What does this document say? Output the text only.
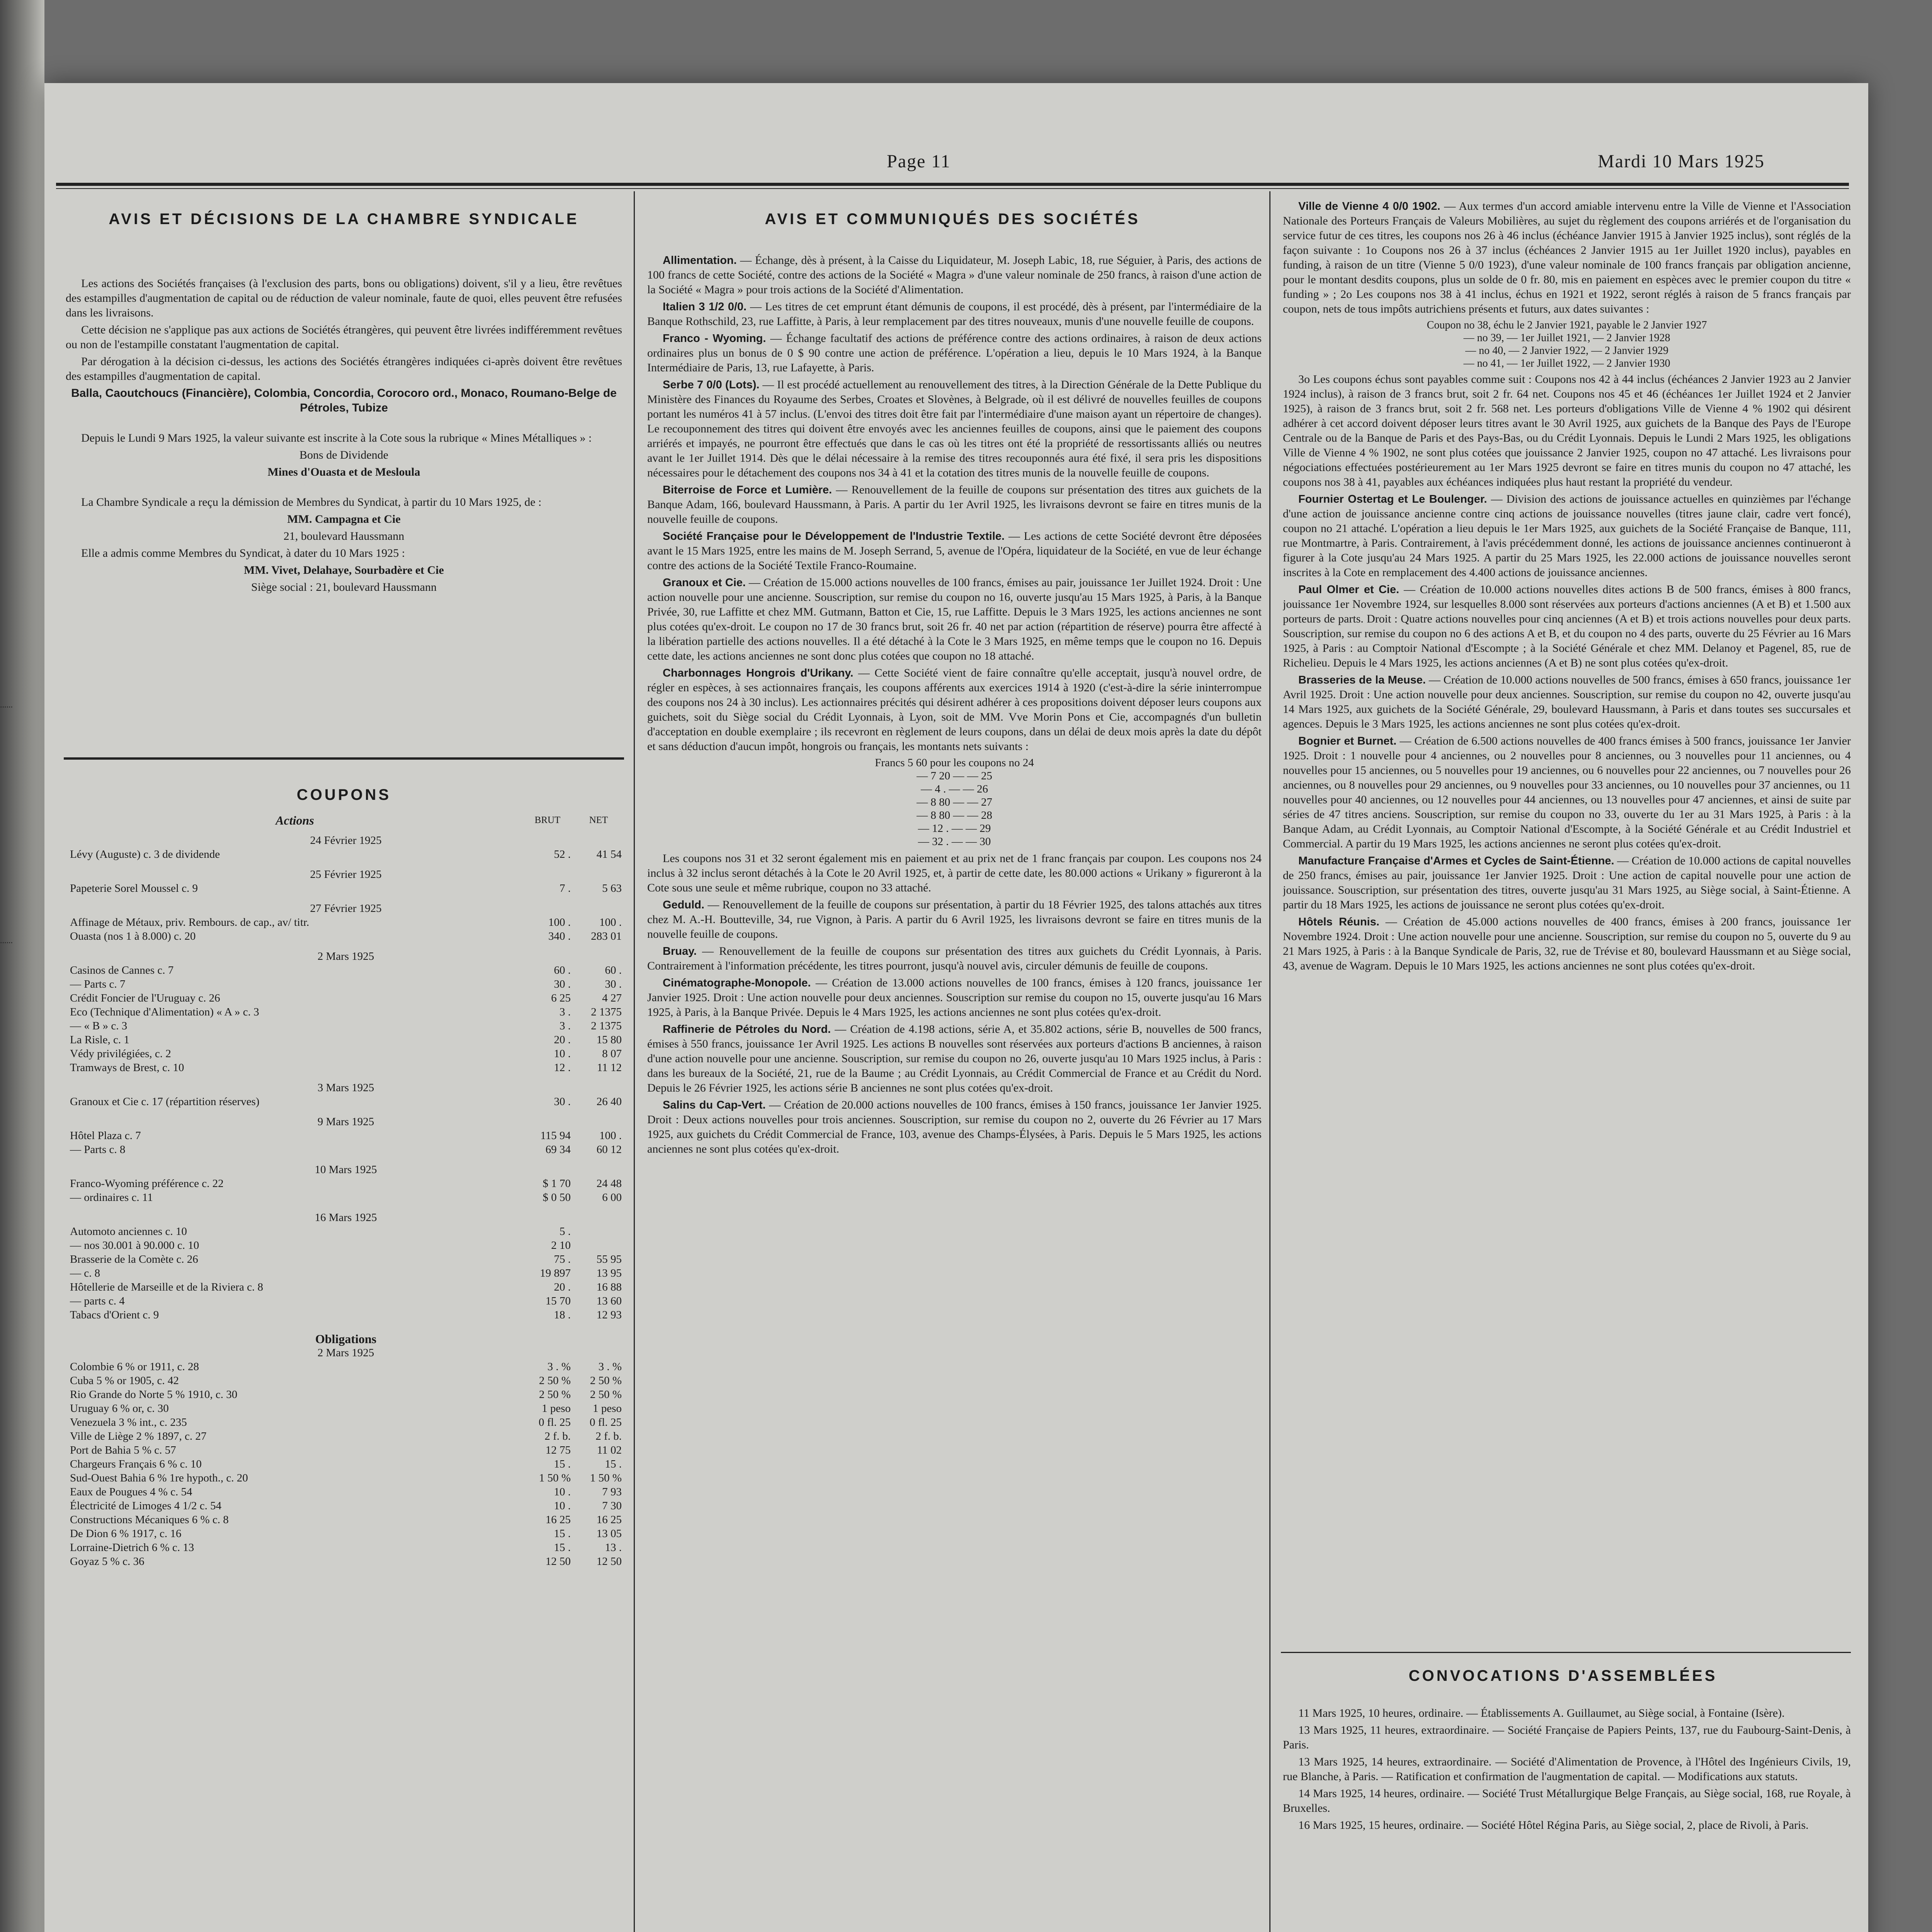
Page 11	Mardi 10 Mars 1925
AVIS ET DÉCISIONS DE LA CHAMBRE SYNDICALE

Les actions des Sociétés françaises (à l'exclusion des parts, bons ou obligations) doivent, s'il y a lieu, être revêtues des estampilles d'augmentation de capital ou de réduction de valeur nominale, faute de quoi, elles peuvent être refusées dans les livraisons.

Cette décision ne s'applique pas aux actions de Sociétés étrangères, qui peuvent être livrées indifféremment revêtues ou non de l'estampille constatant l'augmentation de capital.

Par dérogation à la décision ci-dessus, les actions des Sociétés étrangères indiquées ci-après doivent être revêtues des estampilles d'augmentation de capital.

Balla, Caoutchoucs (Financière), Colombia, Concordia, Corocoro ord., Monaco, Roumano-Belge de Pétroles, Tubize

Depuis le Lundi 9 Mars 1925, la valeur suivante est inscrite à la Cote sous la rubrique « Mines Métalliques » :

Bons de Dividende

Mines d'Ouasta et de Mesloula

La Chambre Syndicale a reçu la démission de Membres du Syndicat, à partir du 10 Mars 1925, de :

MM. Campagna et Cie

21, boulevard Haussmann

Elle a admis comme Membres du Syndicat, à dater du 10 Mars 1925 :

MM. Vivet, Delahaye, Sourbadère et Cie

Siège social : 21, boulevard Haussmann

COUPONS
Actions	BRUT	NET
24 Février 1925		
Lévy (Auguste) c. 3 de dividende	52 .	41 54
25 Février 1925		
Papeterie Sorel Moussel c. 9	7 .	5 63
27 Février 1925		
Affinage de Métaux, priv. Rembours. de cap., av/ titr.	100 .	100 .
Ouasta (nos 1 à 8.000) c. 20	340 .	283 01
2 Mars 1925		
Casinos de Cannes c. 7	60 .	60 .
— Parts c. 7	30 .	30 .
Crédit Foncier de l'Uruguay c. 26	6 25	4 27
Eco (Technique d'Alimentation) « A » c. 3	3 .	2 1375
— « B » c. 3	3 .	2 1375
La Risle, c. 1	20 .	15 80
Védy privilégiées, c. 2	10 .	8 07
Tramways de Brest, c. 10	12 .	11 12
3 Mars 1925		
Granoux et Cie c. 17 (répartition réserves)	30 .	26 40
9 Mars 1925		
Hôtel Plaza c. 7	115 94	100 .
— Parts c. 8	69 34	60 12
10 Mars 1925		
Franco-Wyoming préférence c. 22	$ 1 70	24 48
— ordinaires c. 11	$ 0 50	6 00
16 Mars 1925		
Automoto anciennes c. 10	5 .	
— nos 30.001 à 90.000 c. 10	2 10	
Brasserie de la Comète c. 26	75 .	55 95
— c. 8	19 897	13 95
Hôtellerie de Marseille et de la Riviera c. 8	20 .	16 88
— parts c. 4	15 70	13 60
Tabacs d'Orient c. 9	18 .	12 93
Obligations		
2 Mars 1925		
Colombie 6 % or 1911, c. 28	3 . %	3 . %
Cuba 5 % or 1905, c. 42	2 50 %	2 50 %
Rio Grande do Norte 5 % 1910, c. 30	2 50 %	2 50 %
Uruguay 6 % or, c. 30	1 peso	1 peso
Venezuela 3 % int., c. 235	0 fl. 25	0 fl. 25
Ville de Liège 2 % 1897, c. 27	2 f. b.	2 f. b.
Port de Bahia 5 % c. 57	12 75	11 02
Chargeurs Français 6 % c. 10	15 .	15 .
Sud-Ouest Bahia 6 % 1re hypoth., c. 20	1 50 %	1 50 %
Eaux de Pougues 4 % c. 54	10 .	7 93
Électricité de Limoges 4 1/2 c. 54	10 .	7 30
Constructions Mécaniques 6 % c. 8	16 25	16 25
De Dion 6 % 1917, c. 16	15 .	13 05
Lorraine-Dietrich 6 % c. 13	15 .	13 .
Goyaz 5 % c. 36	12 50	12 50
AVIS ET COMMUNIQUÉS DES SOCIÉTÉS

Allimentation. — Échange, dès à présent, à la Caisse du Liquidateur, M. Joseph Labic, 18, rue Séguier, à Paris, des actions de 100 francs de cette Société, contre des actions de la Société « Magra » d'une valeur nominale de 250 francs, à raison d'une action de la Société « Magra » pour trois actions de la Société d'Alimentation.

Italien 3 1/2 0/0. — Les titres de cet emprunt étant démunis de coupons, il est procédé, dès à présent, par l'intermédiaire de la Banque Rothschild, 23, rue Laffitte, à Paris, à leur remplacement par des titres nouveaux, munis d'une nouvelle feuille de coupons.

Franco - Wyoming. — Échange facultatif des actions de préférence contre des actions ordinaires, à raison de deux actions ordinaires plus un bonus de 0 $ 90 contre une action de préférence. L'opération a lieu, depuis le 10 Mars 1924, à la Banque Intermédiaire de Paris, 13, rue Lafayette, à Paris.

Serbe 7 0/0 (Lots). — Il est procédé actuellement au renouvellement des titres, à la Direction Générale de la Dette Publique du Ministère des Finances du Royaume des Serbes, Croates et Slovènes, à Belgrade, où il est délivré de nouvelles feuilles de coupons portant les numéros 41 à 57 inclus. (L'envoi des titres doit être fait par l'intermédiaire d'une maison ayant un répertoire de changes). Le recouponnement des titres qui doivent être envoyés avec les anciennes feuilles de coupons, ainsi que le paiement des coupons arriérés et impayés, ne pourront être effectués que dans le cas où les titres ont été la propriété de ressortissants alliés ou neutres avant le 1er Juillet 1914. Dès que le délai nécessaire à la remise des titres recouponnés aura été fixé, il sera pris les dispositions nécessaires pour le détachement des coupons nos 34 à 41 et la cotation des titres munis de la nouvelle feuille de coupons.

Biterroise de Force et Lumière. — Renouvellement de la feuille de coupons sur présentation des titres aux guichets de la Banque Adam, 166, boulevard Haussmann, à Paris. A partir du 1er Avril 1925, les livraisons devront se faire en titres munis de la nouvelle feuille de coupons.

Société Française pour le Développement de l'Industrie Textile. — Les actions de cette Société devront être déposées avant le 15 Mars 1925, entre les mains de M. Joseph Serrand, 5, avenue de l'Opéra, liquidateur de la Société, en vue de leur échange contre des actions de la Société Textile Franco-Roumaine.

Granoux et Cie. — Création de 15.000 actions nouvelles de 100 francs, émises au pair, jouissance 1er Juillet 1924. Droit : Une action nouvelle pour une ancienne. Souscription, sur remise du coupon no 16, ouverte jusqu'au 15 Mars 1925, à Paris, à la Banque Privée, 30, rue Laffitte et chez MM. Gutmann, Batton et Cie, 15, rue Laffitte. Depuis le 3 Mars 1925, les actions anciennes ne sont plus cotées qu'ex-droit. Le coupon no 17 de 30 francs brut, soit 26 fr. 40 net par action (répartition de réserve) pourra être affecté à la libération partielle des actions nouvelles. Il a été détaché à la Cote le 3 Mars 1925, en même temps que le coupon no 16. Depuis cette date, les actions anciennes ne sont donc plus cotées que coupon no 18 attaché.

Charbonnages Hongrois d'Urikany. — Cette Société vient de faire connaître qu'elle acceptait, jusqu'à nouvel ordre, de régler en espèces, à ses actionnaires français, les coupons afférents aux exercices 1914 à 1920 (c'est-à-dire la série ininterrompue des coupons nos 24 à 30 inclus). Les actionnaires précités qui désirent adhérer à ces propositions doivent déposer leurs coupons aux guichets, soit du Siège social du Crédit Lyonnais, à Lyon, soit de MM. Vve Morin Pons et Cie, accompagnés d'un bulletin d'acceptation en double exemplaire ; ils recevront en règlement de leurs coupons, dans un délai de deux mois après la date du dépôt et sans déduction d'aucun impôt, hongrois ou français, les montants nets suivants :

Francs 5 60 pour les coupons no 24
— 7 20 — — 25
— 4 . — — 26
— 8 80 — — 27
— 8 80 — — 28
— 12 . — — 29
— 32 . — — 30

Les coupons nos 31 et 32 seront également mis en paiement et au prix net de 1 franc français par coupon. Les coupons nos 24 inclus à 32 inclus seront détachés à la Cote le 20 Avril 1925, et, à partir de cette date, les 80.000 actions « Urikany » figureront à la Cote sous une seule et même rubrique, coupon no 33 attaché.

Geduld. — Renouvellement de la feuille de coupons sur présentation, à partir du 18 Février 1925, des talons attachés aux titres chez M. A.-H. Boutteville, 34, rue Vignon, à Paris. A partir du 6 Avril 1925, les livraisons devront se faire en titres munis de la nouvelle feuille de coupons.

Bruay. — Renouvellement de la feuille de coupons sur présentation des titres aux guichets du Crédit Lyonnais, à Paris. Contrairement à l'information précédente, les titres pourront, jusqu'à nouvel avis, circuler démunis de feuille de coupons.

Cinématographe-Monopole. — Création de 13.000 actions nouvelles de 100 francs, émises à 120 francs, jouissance 1er Janvier 1925. Droit : Une action nouvelle pour deux anciennes. Souscription sur remise du coupon no 15, ouverte jusqu'au 16 Mars 1925, à Paris, à la Banque Privée. Depuis le 4 Mars 1925, les actions anciennes ne sont plus cotées qu'ex-droit.

Raffinerie de Pétroles du Nord. — Création de 4.198 actions, série A, et 35.802 actions, série B, nouvelles de 500 francs, émises à 550 francs, jouissance 1er Avril 1925. Les actions B nouvelles sont réservées aux porteurs d'actions B anciennes, à raison d'une action nouvelle pour une ancienne. Souscription, sur remise du coupon no 26, ouverte jusqu'au 10 Mars 1925 inclus, à Paris : dans les bureaux de la Société, 21, rue de la Baume ; au Crédit Lyonnais, au Crédit Commercial de France et au Crédit du Nord. Depuis le 26 Février 1925, les actions série B anciennes ne sont plus cotées qu'ex-droit.

Salins du Cap-Vert. — Création de 20.000 actions nouvelles de 100 francs, émises à 150 francs, jouissance 1er Janvier 1925. Droit : Deux actions nouvelles pour trois anciennes. Souscription, sur remise du coupon no 2, ouverte du 26 Février au 17 Mars 1925, aux guichets du Crédit Commercial de France, 103, avenue des Champs-Élysées, à Paris. Depuis le 5 Mars 1925, les actions anciennes ne sont plus cotées qu'ex-droit.

Ville de Vienne 4 0/0 1902. — Aux termes d'un accord amiable intervenu entre la Ville de Vienne et l'Association Nationale des Porteurs Français de Valeurs Mobilières, au sujet du règlement des coupons arriérés et de l'organisation du service futur de ces titres, les coupons nos 26 à 46 inclus (échéance Janvier 1915 à Janvier 1925 inclus), sont réglés de la façon suivante : 1o Coupons nos 26 à 37 inclus (échéances 2 Janvier 1915 au 1er Juillet 1920 inclus), payables en funding, à raison de un titre (Vienne 5 0/0 1923), d'une valeur nominale de 100 francs français par obligation ancienne, pour le montant desdits coupons, plus un solde de 0 fr. 80, mis en paiement en espèces avec le premier coupon du titre « funding » ; 2o Les coupons nos 38 à 41 inclus, échus en 1921 et 1922, seront réglés à raison de 5 francs français par coupon, nets de tous impôts autrichiens présents et futurs, aux dates suivantes :

Coupon no 38, échu le 2 Janvier 1921, payable le 2 Janvier 1927
— no 39, — 1er Juillet 1921, — 2 Janvier 1928
— no 40, — 2 Janvier 1922, — 2 Janvier 1929
— no 41, — 1er Juillet 1922, — 2 Janvier 1930

3o Les coupons échus sont payables comme suit : Coupons nos 42 à 44 inclus (échéances 2 Janvier 1923 au 2 Janvier 1924 inclus), à raison de 3 francs brut, soit 2 fr. 64 net. Coupons nos 45 et 46 (échéances 1er Juillet 1924 et 2 Janvier 1925), à raison de 3 francs brut, soit 2 fr. 568 net. Les porteurs d'obligations Ville de Vienne 4 % 1902 qui désirent adhérer à cet accord doivent déposer leurs titres avant le 30 Avril 1925, aux guichets de la Banque des Pays de l'Europe Centrale ou de la Banque de Paris et des Pays-Bas, ou du Crédit Lyonnais. Depuis le Lundi 2 Mars 1925, les obligations Ville de Vienne 4 % 1902, ne sont plus cotées que jouissance 2 Janvier 1925, coupon no 47 attaché. Les livraisons pour négociations effectuées postérieurement au 1er Mars 1925 devront se faire en titres munis du coupon no 47 attaché, les coupons nos 38 à 41, payables aux échéances indiquées plus haut restant la propriété du vendeur.

Fournier Ostertag et Le Boulenger. — Division des actions de jouissance actuelles en quinzièmes par l'échange d'une action de jouissance ancienne contre cinq actions de jouissance nouvelles (titres jaune clair, cadre vert foncé), coupon no 21 attaché. L'opération a lieu depuis le 1er Mars 1925, aux guichets de la Société Française de Banque, 111, rue Montmartre, à Paris. Contrairement, à l'avis précédemment donné, les actions de jouissance anciennes continueront à figurer à la Cote jusqu'au 24 Mars 1925. A partir du 25 Mars 1925, les 22.000 actions de jouissance nouvelles seront inscrites à la Cote en remplacement des 4.400 actions de jouissance anciennes.

Paul Olmer et Cie. — Création de 10.000 actions nouvelles dites actions B de 500 francs, émises à 800 francs, jouissance 1er Novembre 1924, sur lesquelles 8.000 sont réservées aux porteurs d'actions anciennes (A et B) et 1.500 aux porteurs de parts. Droit : Quatre actions nouvelles pour cinq anciennes (A et B) et trois actions nouvelles pour deux parts. Souscription, sur remise du coupon no 6 des actions A et B, et du coupon no 4 des parts, ouverte du 25 Février au 16 Mars 1925, à Paris : au Comptoir National d'Escompte ; à la Société Générale et chez MM. Delanoy et Pagenel, 85, rue de Richelieu. Depuis le 4 Mars 1925, les actions anciennes (A et B) ne sont plus cotées qu'ex-droit.

Brasseries de la Meuse. — Création de 10.000 actions nouvelles de 500 francs, émises à 650 francs, jouissance 1er Avril 1925. Droit : Une action nouvelle pour deux anciennes. Souscription, sur remise du coupon no 42, ouverte jusqu'au 14 Mars 1925, aux guichets de la Société Générale, 29, boulevard Haussmann, à Paris et dans toutes ses succursales et agences. Depuis le 3 Mars 1925, les actions anciennes ne sont plus cotées qu'ex-droit.

Bognier et Burnet. — Création de 6.500 actions nouvelles de 400 francs émises à 500 francs, jouissance 1er Janvier 1925. Droit : 1 nouvelle pour 4 anciennes, ou 2 nouvelles pour 8 anciennes, ou 3 nouvelles pour 11 anciennes, ou 4 nouvelles pour 15 anciennes, ou 5 nouvelles pour 19 anciennes, ou 6 nouvelles pour 22 anciennes, ou 7 nouvelles pour 26 anciennes, ou 8 nouvelles pour 29 anciennes, ou 9 nouvelles pour 33 anciennes, ou 10 nouvelles pour 37 anciennes, ou 11 nouvelles pour 40 anciennes, ou 12 nouvelles pour 44 anciennes, ou 13 nouvelles pour 47 anciennes, et ainsi de suite par séries de 47 titres anciens. Souscription, sur remise du coupon no 33, ouverte du 1er au 31 Mars 1925, à Paris : à la Banque Adam, au Crédit Lyonnais, au Comptoir National d'Escompte, à la Société Générale et au Crédit Industriel et Commercial. A partir du 19 Mars 1925, les actions anciennes ne seront plus cotées qu'ex-droit.

Manufacture Française d'Armes et Cycles de Saint-Étienne. — Création de 10.000 actions de capital nouvelles de 250 francs, émises au pair, jouissance 1er Janvier 1925. Droit : Une action de capital nouvelle pour une action de jouissance. Souscription, sur présentation des titres, ouverte jusqu'au 31 Mars 1925, au Siège social, à Saint-Étienne. A partir du 18 Mars 1925, les actions de jouissance ne seront plus cotées qu'ex-droit.

Hôtels Réunis. — Création de 45.000 actions nouvelles de 400 francs, émises à 200 francs, jouissance 1er Novembre 1924. Droit : Une action nouvelle pour une ancienne. Souscription, sur remise du coupon no 5, ouverte du 9 au 21 Mars 1925, à Paris : à la Banque Syndicale de Paris, 32, rue de Trévise et 80, boulevard Haussmann et au Siège social, 43, avenue de Wagram. Depuis le 10 Mars 1925, les actions anciennes ne sont plus cotées qu'ex-droit.

CONVOCATIONS D'ASSEMBLÉES

11 Mars 1925, 10 heures, ordinaire. — Établissements A. Guillaumet, au Siège social, à Fontaine (Isère).

13 Mars 1925, 11 heures, extraordinaire. — Société Française de Papiers Peints, 137, rue du Faubourg-Saint-Denis, à Paris.

13 Mars 1925, 14 heures, extraordinaire. — Société d'Alimentation de Provence, à l'Hôtel des Ingénieurs Civils, 19, rue Blanche, à Paris. — Ratification et confirmation de l'augmentation de capital. — Modifications aux statuts.

14 Mars 1925, 14 heures, ordinaire. — Société Trust Métallurgique Belge Français, au Siège social, 168, rue Royale, à Bruxelles.

16 Mars 1925, 15 heures, ordinaire. — Société Hôtel Régina Paris, au Siège social, 2, place de Rivoli, à Paris.

......
......
